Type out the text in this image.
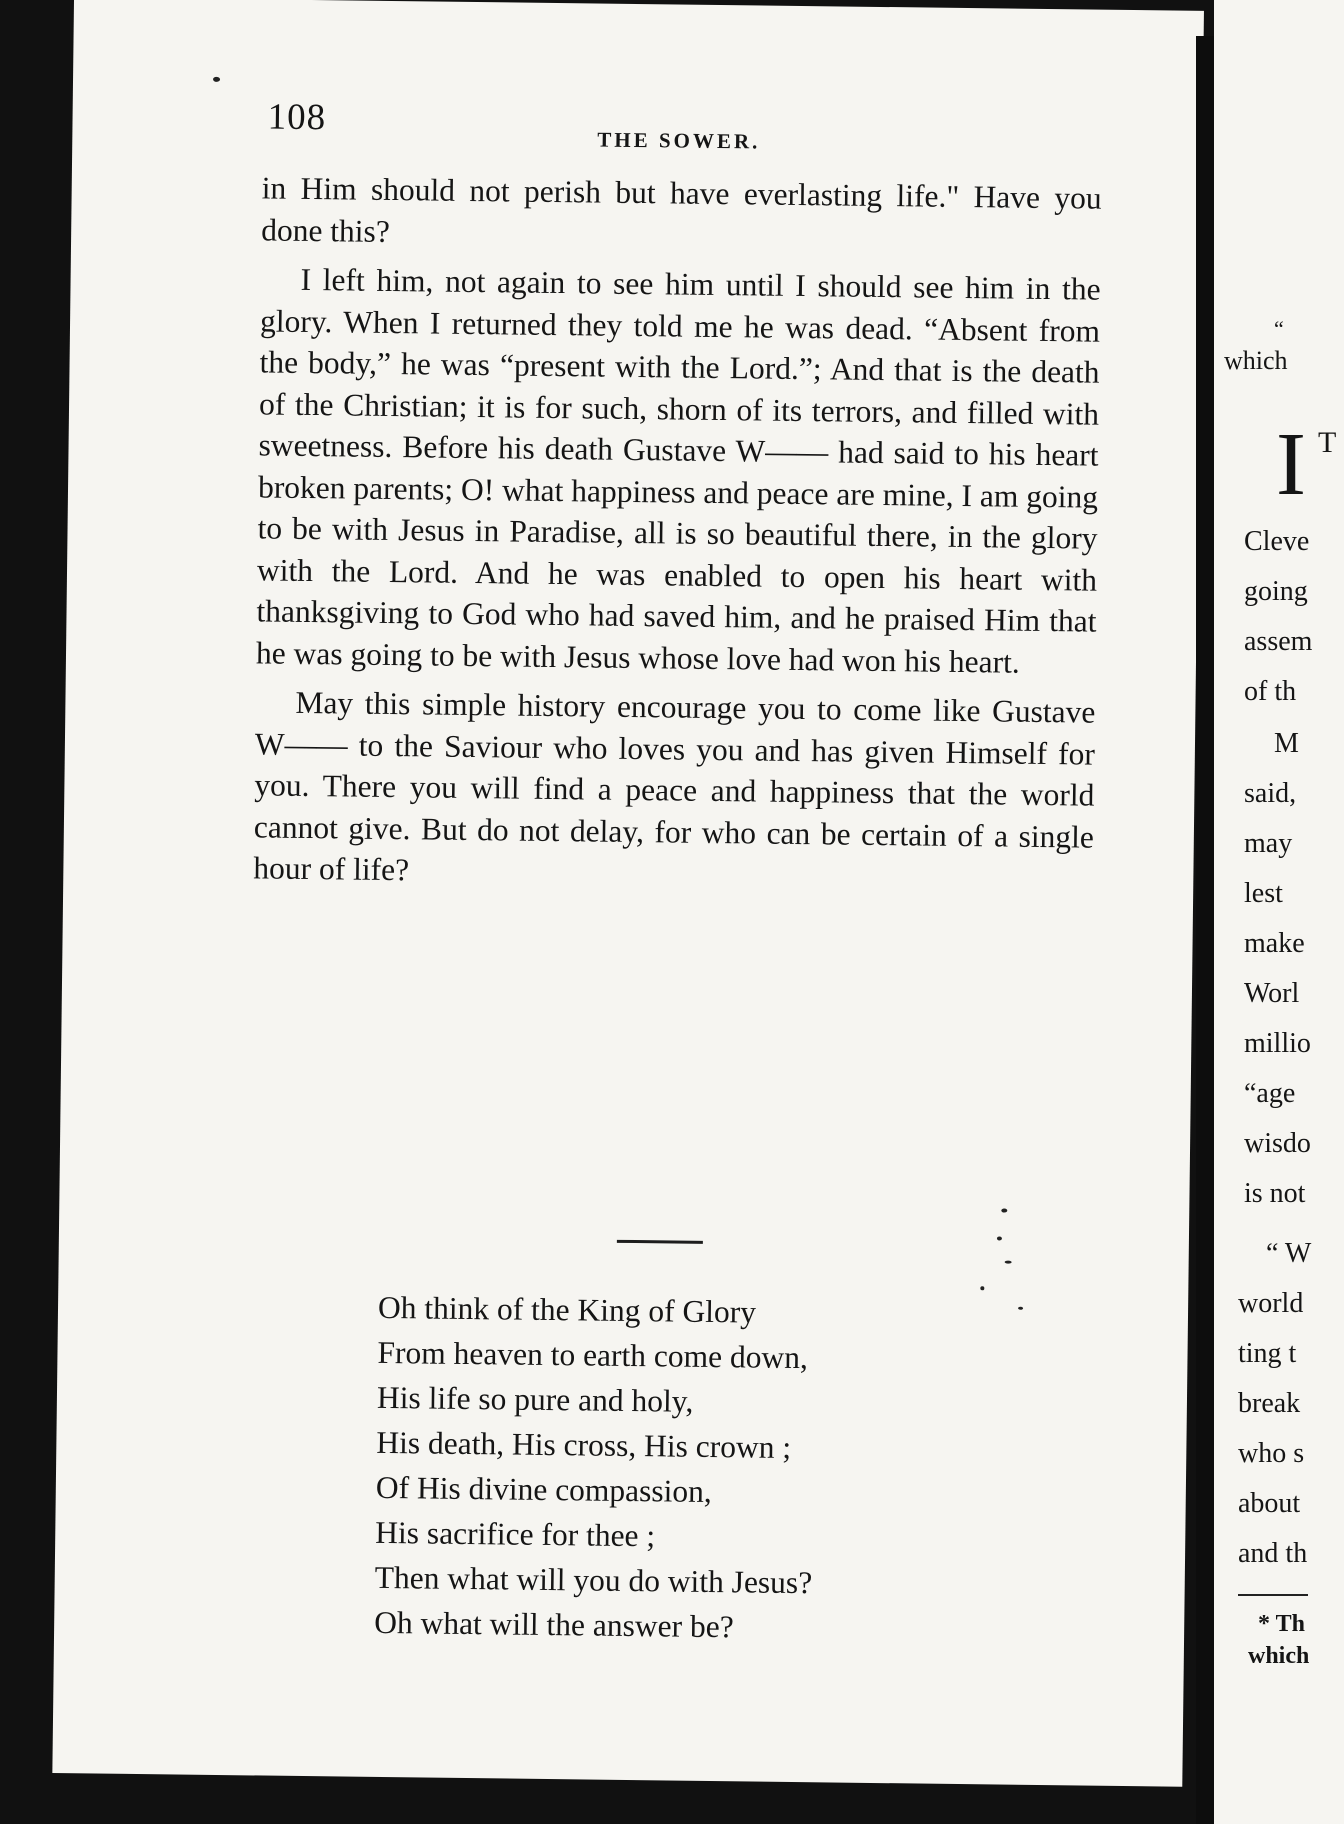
108
THE SOWER.

in Him should not perish but have everlasting life." Have you done this?

I left him, not again to see him until I should see him in the glory. When I returned they told me he was dead. “Absent from the body,” he was “present with the Lord.”; And that is the death of the Christian; it is for such, shorn of its terrors, and filled with sweetness. Before his death Gustave W—— had said to his heart broken parents; O! what happiness and peace are mine, I am going to be with Jesus in Paradise, all is so beautiful there, in the glory with the Lord. And he was enabled to open his heart with thanksgiving to God who had saved him, and he praised Him that he was going to be with Jesus whose love had won his heart.

May this simple history encourage you to come like Gustave W—— to the Saviour who loves you and has given Himself for you. There you will find a peace and happiness that the world cannot give. But do not delay, for who can be certain of a single hour of life?

Oh think of the King of Glory
From heaven to earth come down,
His life so pure and holy,
His death, His cross, His crown ;
Of His divine compassion,
His sacrifice for thee ;
Then what will you do with Jesus?
Oh what will the answer be?
“
which
I T
Cleve
going
assem
of th
M
said,
may
lest
make
Worl
millio
“age
wisdo
is not
“ W
world
ting t
break
who s
about
and th
* Th
which
